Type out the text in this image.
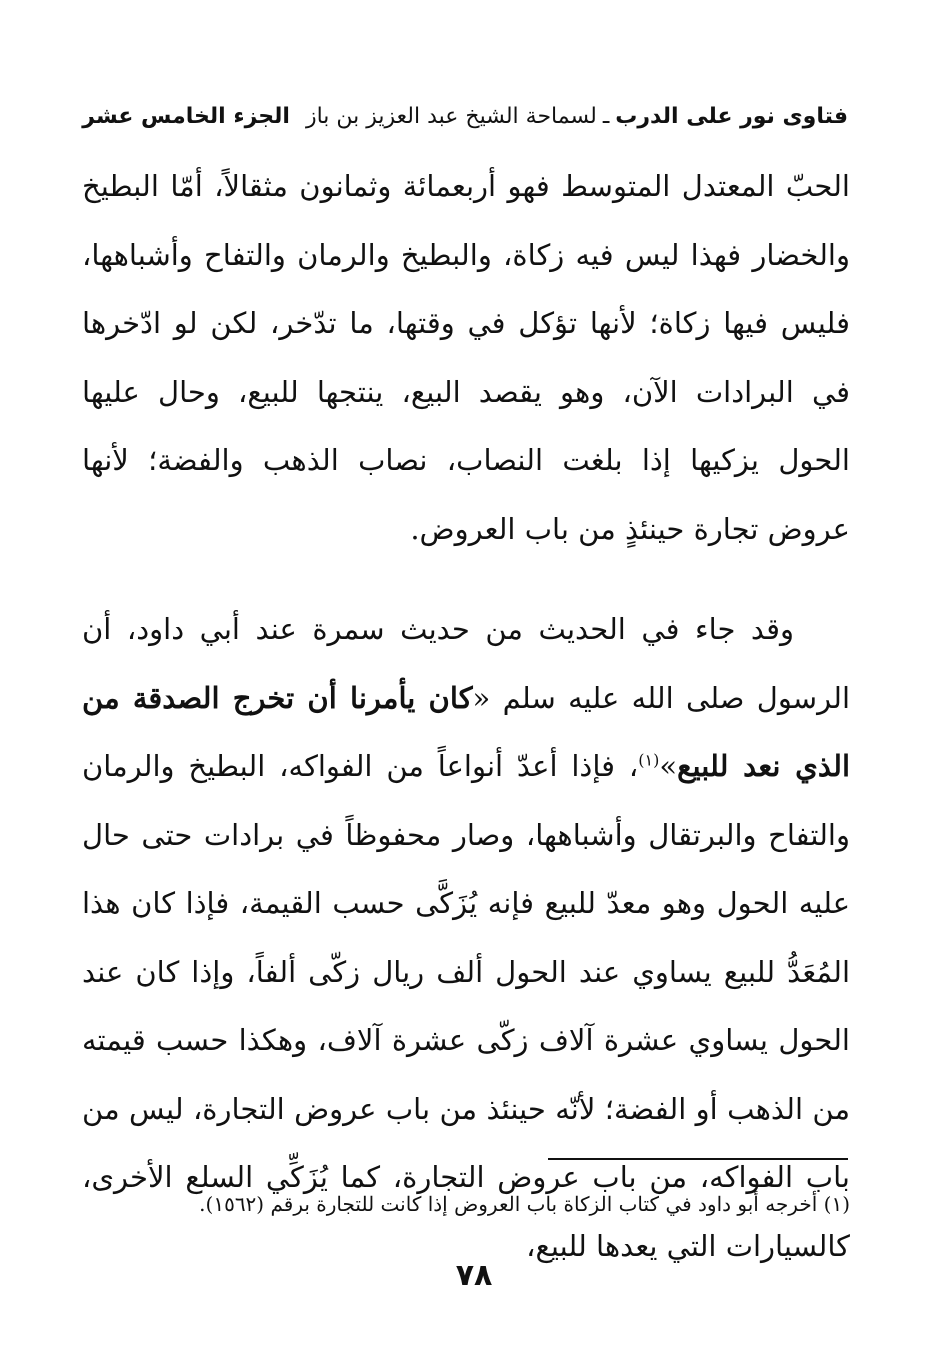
فتاوى نور على الدرب
ـ
لسماحة الشيخ عبد العزيز بن باز
الجزء الخامس عشر

الحبّ المعتدل المتوسط فهو أربعمائة وثمانون مثقالاً، أمّا البطيخ والخضار فهذا ليس فيه زكاة، والبطيخ والرمان والتفاح وأشباهها، فليس فيها زكاة؛ لأنها تؤكل في وقتها، ما تدّخر، لكن لو ادّخرها في البرادات الآن، وهو يقصد البيع، ينتجها للبيع، وحال عليها الحول يزكيها إذا بلغت النصاب، نصاب الذهب والفضة؛ لأنها عروض تجارة حينئذٍ من باب العروض.

وقد جاء في الحديث من حديث سمرة عند أبي داود، أن الرسول صلى الله عليه سلم «كان يأمرنا أن تخرج الصدقة من الذي نعد للبيع»$^{(١)}$، فإذا أعدّ أنواعاً من الفواكه، البطيخ والرمان والتفاح والبرتقال وأشباهها، وصار محفوظاً في برادات حتى حال عليه الحول وهو معدّ للبيع فإنه يُزَكَّى حسب القيمة، فإذا كان هذا المُعَدُّ للبيع يساوي عند الحول ألف ريال زكّى ألفاً، وإذا كان عند الحول يساوي عشرة آلاف زكّى عشرة آلاف، وهكذا حسب قيمته من الذهب أو الفضة؛ لأنّه حينئذ من باب عروض التجارة، ليس من باب الفواكه، من باب عروض التجارة، كما يُزَكِّي السلع الأخرى، كالسيارات التي يعدها للبيع،

(١) أخرجه أبو داود في كتاب الزكاة باب العروض إذا كانت للتجارة برقم (١٥٦٢).
٧٨
